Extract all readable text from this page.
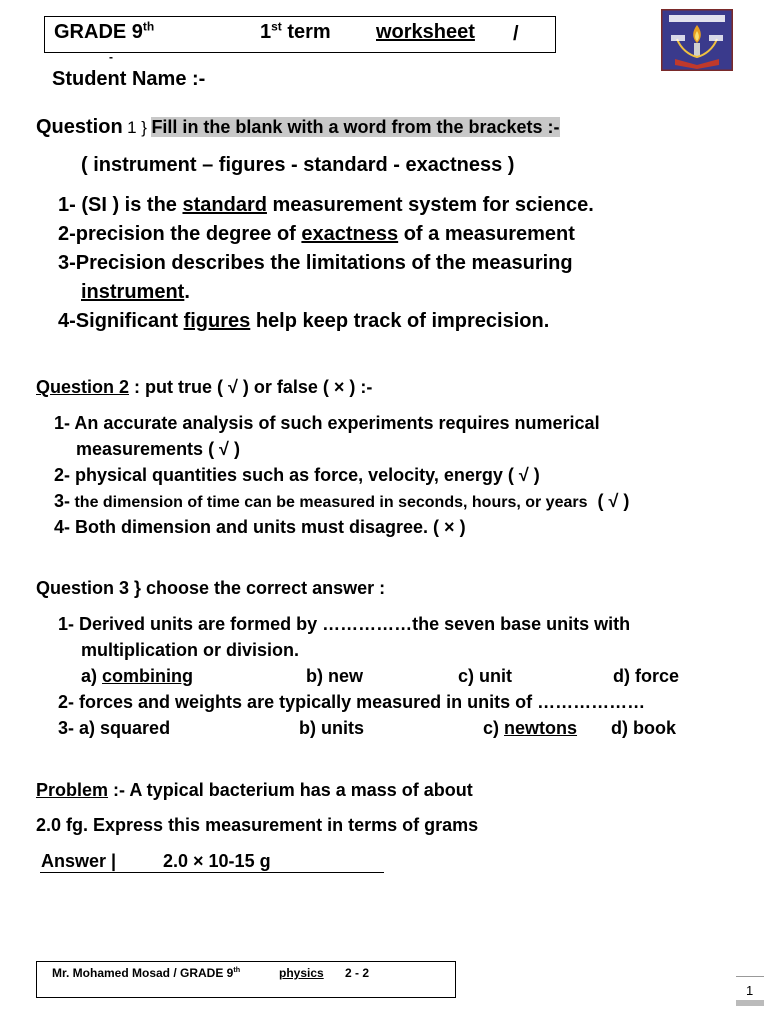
GRADE 9th	1st term worksheet /
-
Student Name :-
Question 1 } Fill in the blank with a word from the brackets :-
( instrument – figures - standard - exactness )
1- (SI ) is the standard measurement system for science.
2-precision the degree of exactness of a measurement
3-Precision describes the limitations of the measuring
instrument.
4-Significant figures help keep track of imprecision.
Question 2 : put true ( √ ) or false ( × ) :-
1- An accurate analysis of such experiments requires numerical
measurements ( √ )
2- physical quantities such as force, velocity, energy ( √ )
3- the dimension of time can be measured in seconds, hours, or years ( √ )
4- Both dimension and units must disagree. ( × )
Question 3 } choose the correct answer :
1- Derived units are formed by ……………the seven base units with
multiplication or division.
a) combining	b) new	c) unit	d) force
2- forces and weights are typically measured in units of ………………
3- a) squared	b) units	c) newtons d) book
Problem :- A typical bacterium has a mass of about
2.0 fg. Express this measurement in terms of grams
Answer |	2.0 × 10-15 g
Mr. Mohamed Mosad / GRADE 9th	physics 2 - 2
1
